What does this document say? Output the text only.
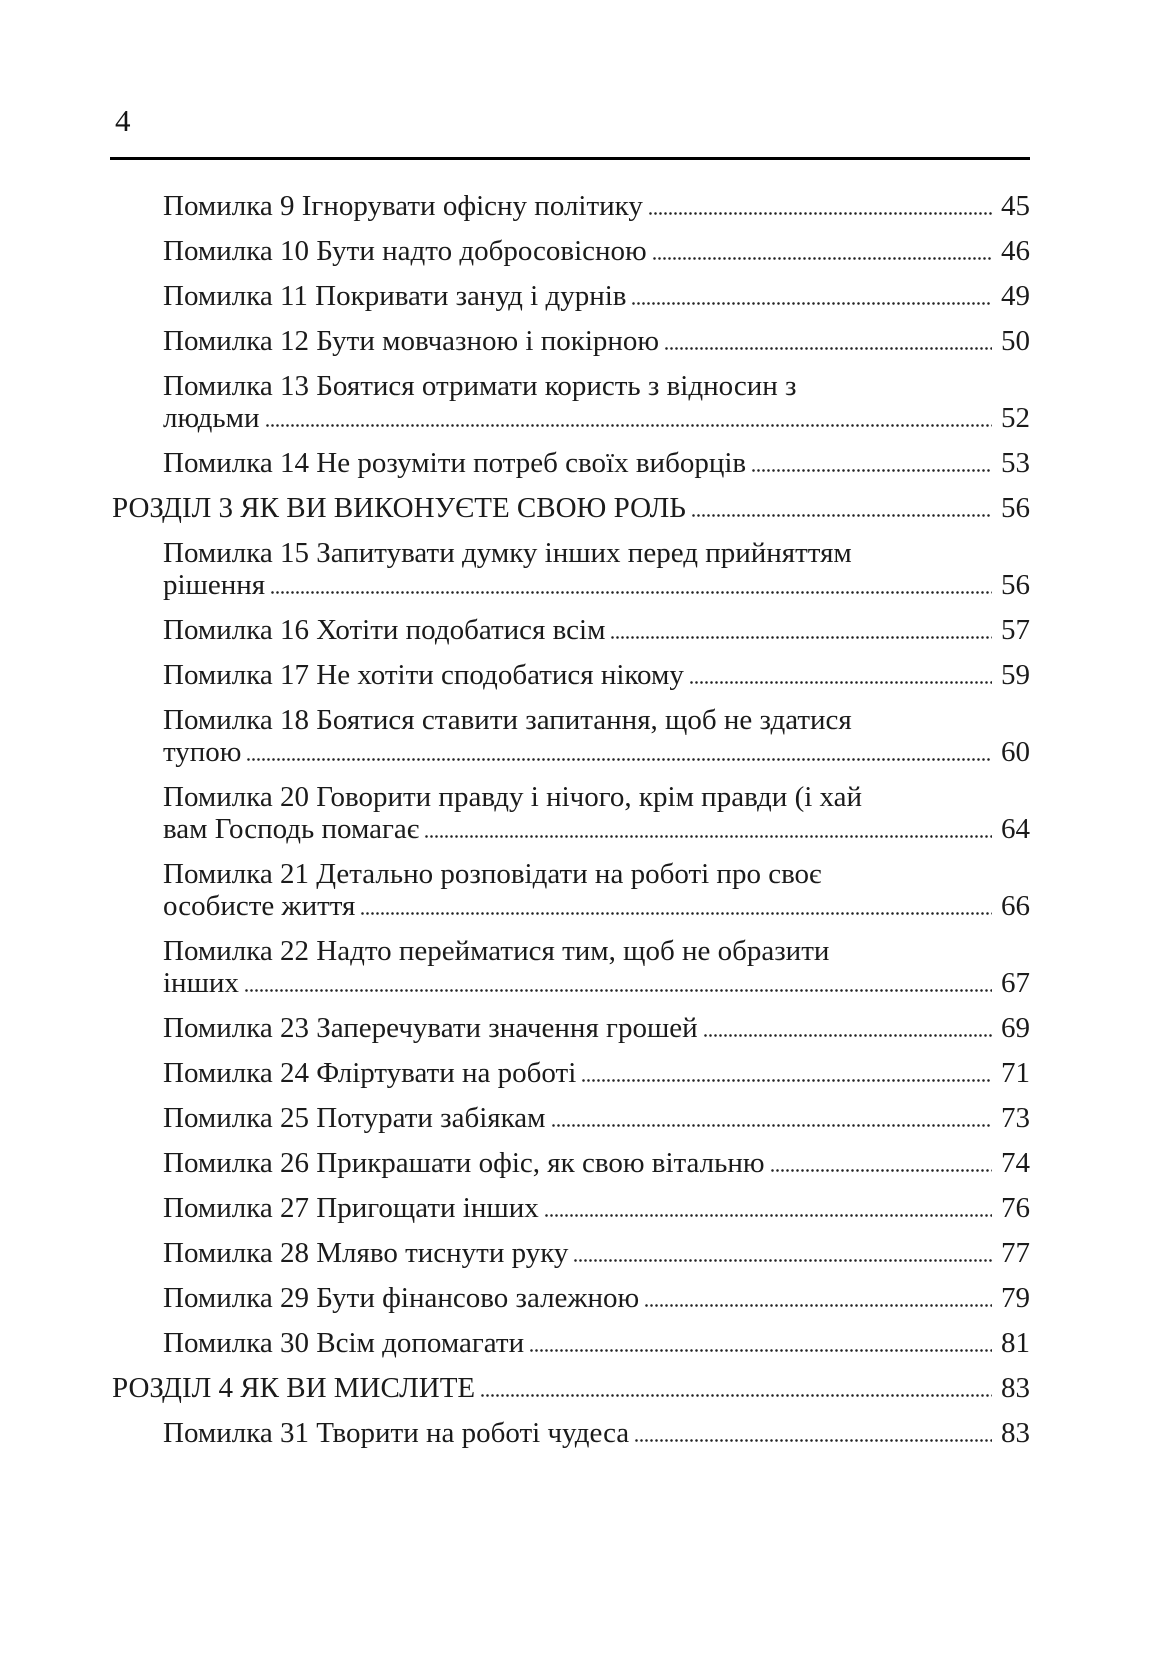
4
Помилка 9 Ігнорувати офісну політику	45
Помилка 10 Бути надто добросовісною	46
Помилка 11 Покривати зануд і дурнів	49
Помилка 12 Бути мовчазною і покірною	50
Помилка 13 Боятися отримати користь з відносин з
людьми	52
Помилка 14 Не розуміти потреб своїх виборців	53
РОЗДІЛ 3 ЯК ВИ ВИКОНУЄТЕ СВОЮ РОЛЬ	56
Помилка 15 Запитувати думку інших перед прийняттям
рішення	56
Помилка 16 Хотіти подобатися всім	57
Помилка 17 Не хотіти сподобатися нікому	59
Помилка 18 Боятися ставити запитання, щоб не здатися
тупою	60
Помилка 20 Говорити правду і нічого, крім правди (і хай
вам Господь помагає	64
Помилка 21 Детально розповідати на роботі про своє
особисте життя	66
Помилка 22 Надто перейматися тим, щоб не образити
інших	67
Помилка 23 Заперечувати значення грошей	69
Помилка 24 Фліртувати на роботі	71
Помилка 25 Потурати забіякам	73
Помилка 26 Прикрашати офіс, як свою вітальню	74
Помилка 27 Пригощати інших	76
Помилка 28 Мляво тиснути руку	77
Помилка 29 Бути фінансово залежною	79
Помилка 30 Всім допомагати	81
РОЗДІЛ 4 ЯК ВИ МИСЛИТЕ	83
Помилка 31 Творити на роботі чудеса	83
